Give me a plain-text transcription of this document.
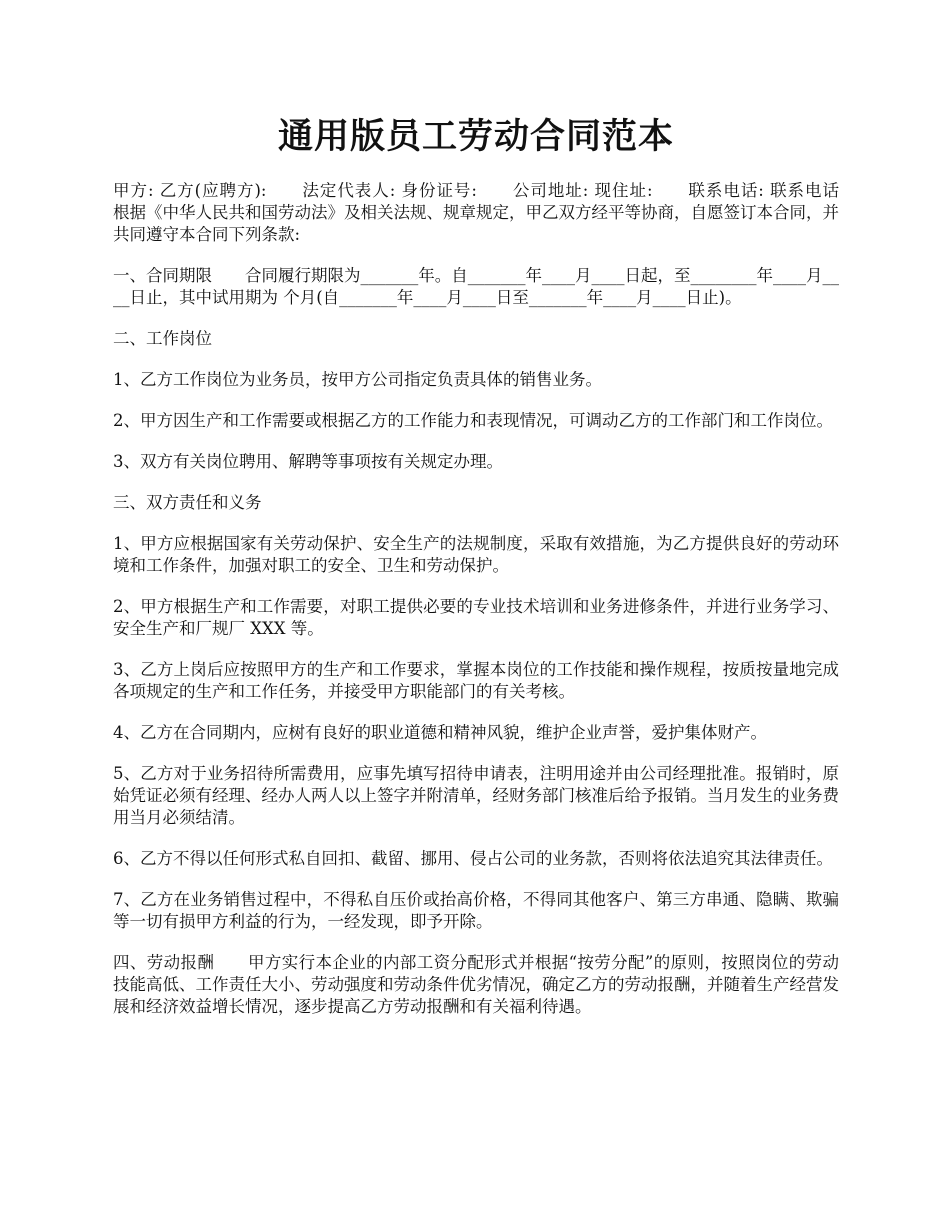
通用版员工劳动合同范本

甲方: 乙方(应聘方):　　法定代表人: 身份证号:　　公司地址: 现住址:　　联系电话: 联系电话　　根据《中华人民共和国劳动法》及相关法规、规章规定，甲乙双方经平等协商，自愿签订本合同，并共同遵守本合同下列条款:

一、合同期限　　合同履行期限为_______年。自_______年____月____日起，至________年____月____日止，其中试用期为 个月(自_______年____月____日至_______年____月____日止)。

二、工作岗位

1、乙方工作岗位为业务员，按甲方公司指定负责具体的销售业务。

2、甲方因生产和工作需要或根据乙方的工作能力和表现情况，可调动乙方的工作部门和工作岗位。

3、双方有关岗位聘用、解聘等事项按有关规定办理。

三、双方责任和义务

1、甲方应根据国家有关劳动保护、安全生产的法规制度，采取有效措施，为乙方提供良好的劳动环境和工作条件，加强对职工的安全、卫生和劳动保护。

2、甲方根据生产和工作需要，对职工提供必要的专业技术培训和业务进修条件，并进行业务学习、安全生产和厂规厂 XXX 等。

3、乙方上岗后应按照甲方的生产和工作要求，掌握本岗位的工作技能和操作规程，按质按量地完成各项规定的生产和工作任务，并接受甲方职能部门的有关考核。

4、乙方在合同期内，应树有良好的职业道德和精神风貌，维护企业声誉，爱护集体财产。

5、乙方对于业务招待所需费用，应事先填写招待申请表，注明用途并由公司经理批准。报销时，原始凭证必须有经理、经办人两人以上签字并附清单，经财务部门核准后给予报销。当月发生的业务费用当月必须结清。

6、乙方不得以任何形式私自回扣、截留、挪用、侵占公司的业务款，否则将依法追究其法律责任。

7、乙方在业务销售过程中，不得私自压价或抬高价格，不得同其他客户、第三方串通、隐瞒、欺骗等一切有损甲方利益的行为，一经发现，即予开除。

四、劳动报酬　　甲方实行本企业的内部工资分配形式并根据“按劳分配”的原则，按照岗位的劳动技能高低、工作责任大小、劳动强度和劳动条件优劣情况，确定乙方的劳动报酬，并随着生产经营发展和经济效益增长情况，逐步提高乙方劳动报酬和有关福利待遇。
